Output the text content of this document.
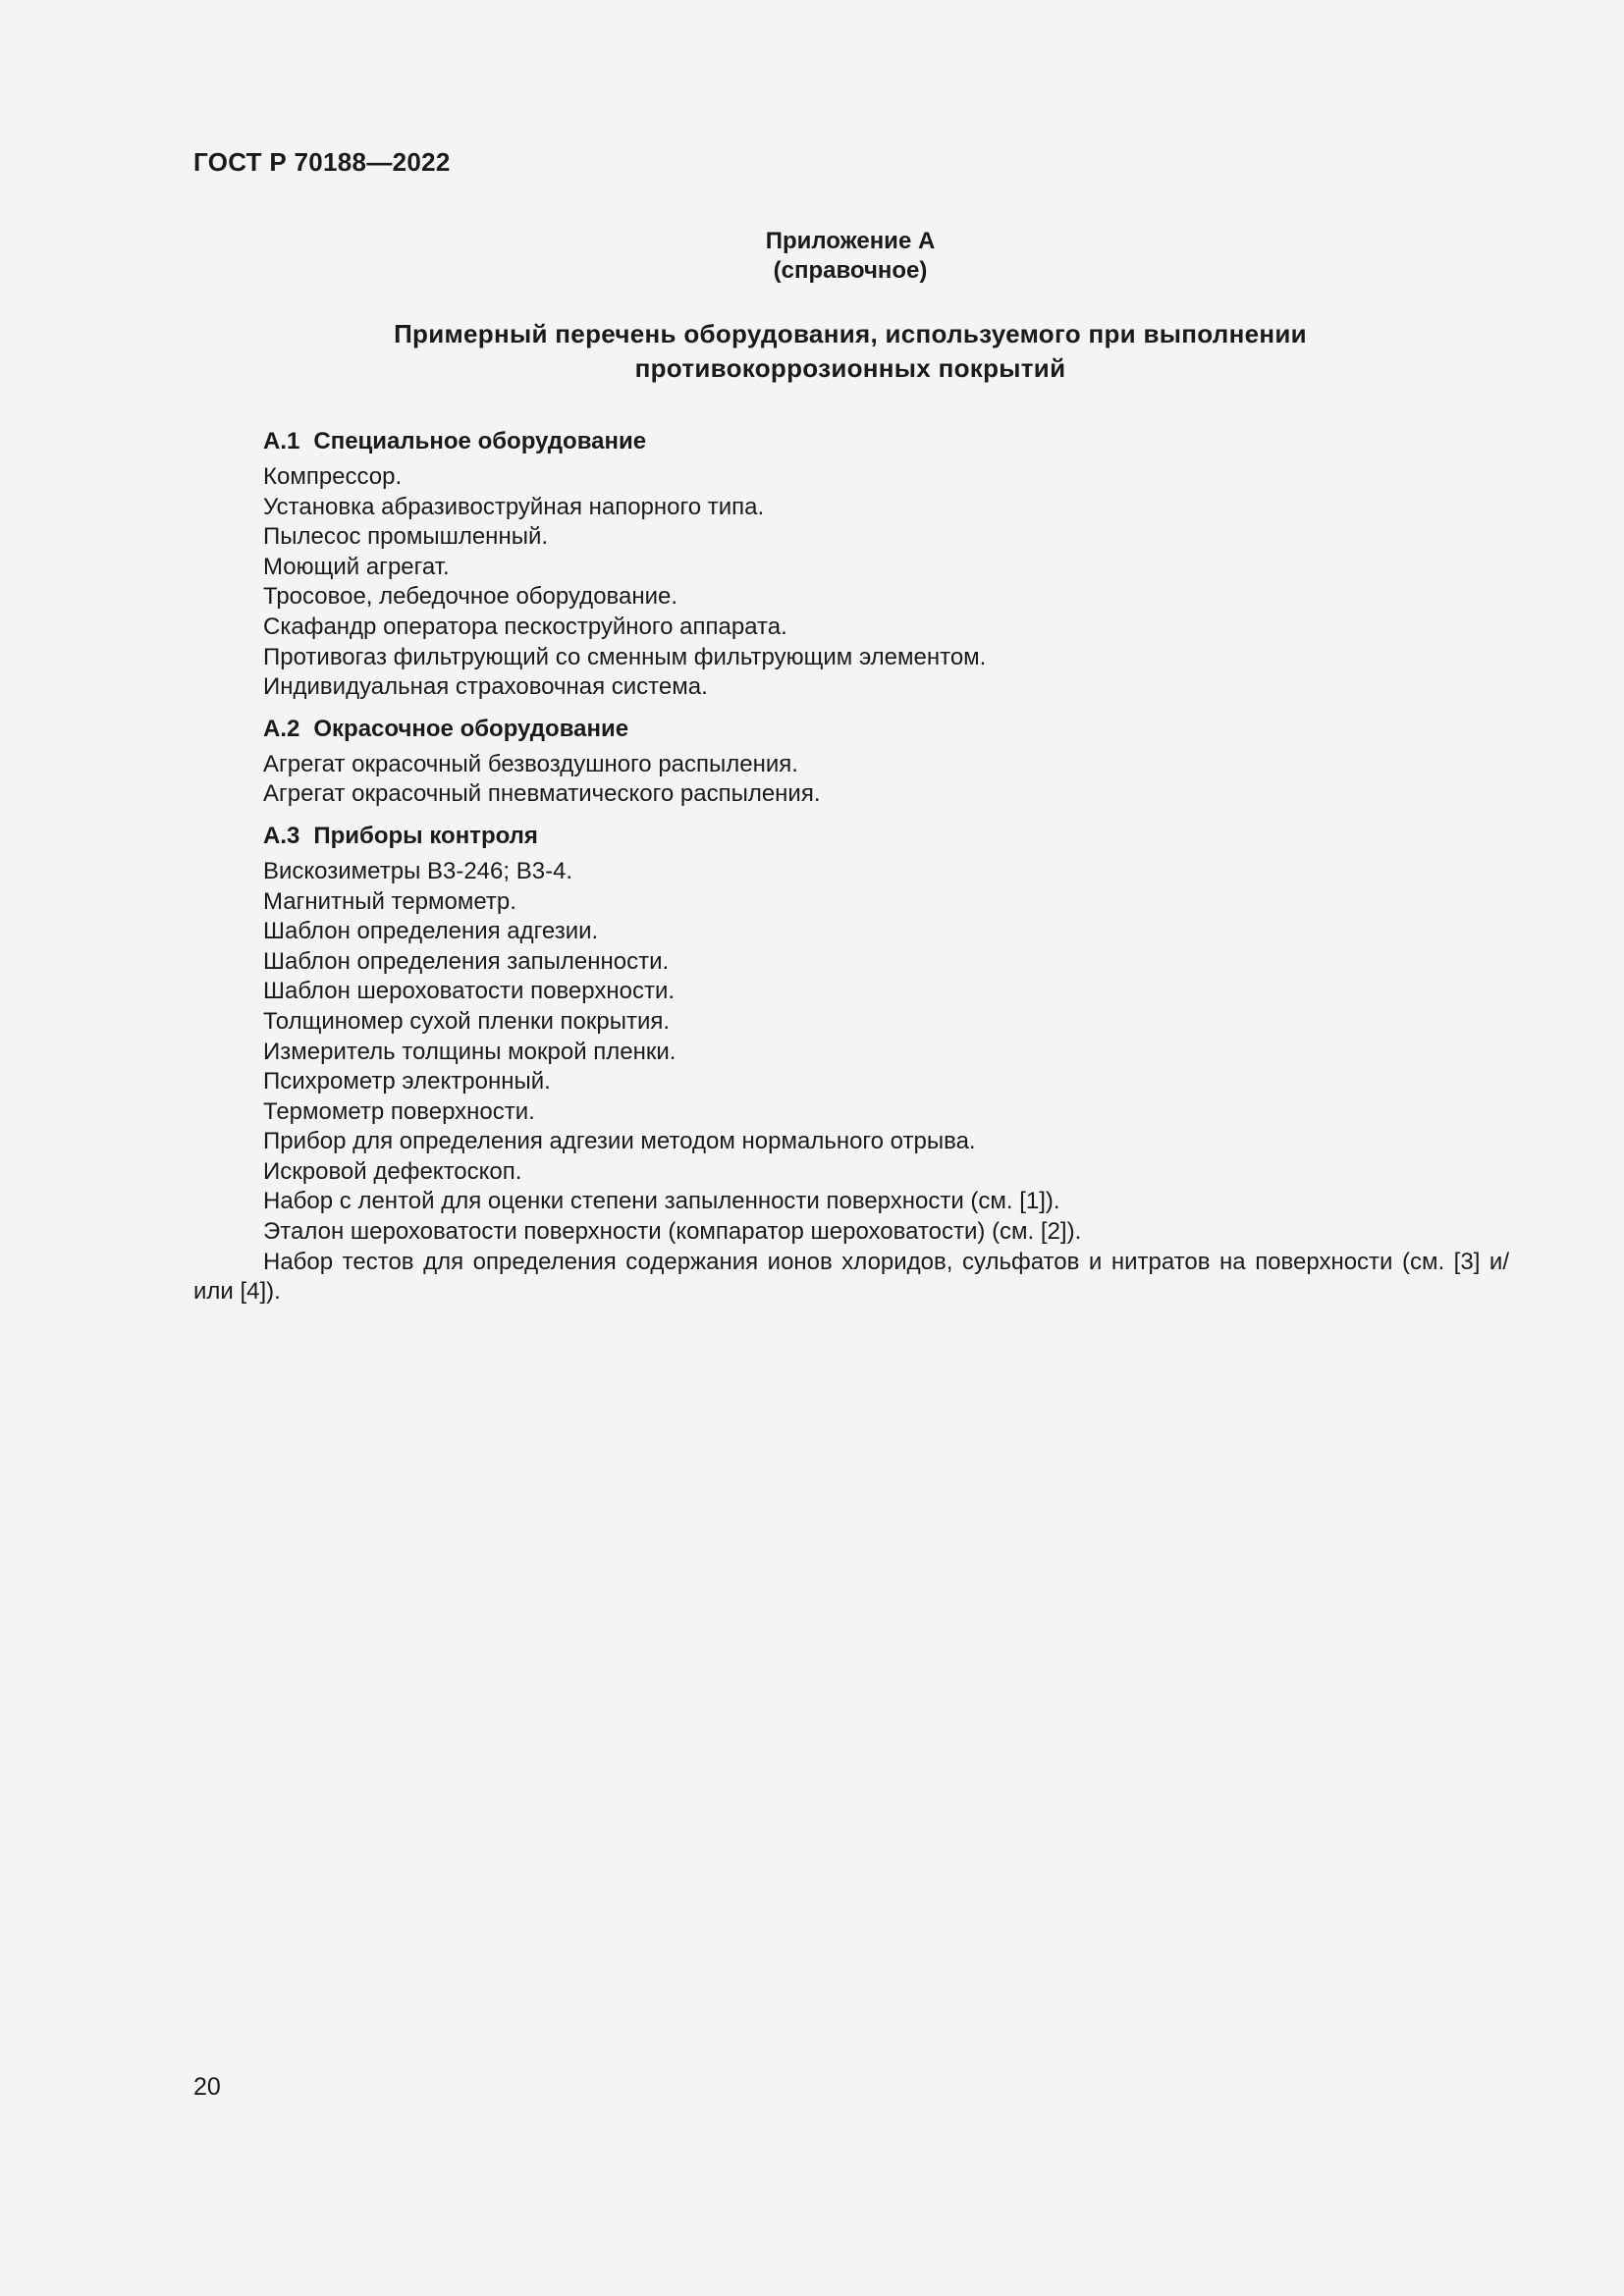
ГОСТ Р 70188—2022
Приложение А
(справочное)
Примерный перечень оборудования, используемого при выполнении
противокоррозионных покрытий
А.1 Специальное оборудование
Компрессор.
Установка абразивоструйная напорного типа.
Пылесос промышленный.
Моющий агрегат.
Тросовое, лебедочное оборудование.
Скафандр оператора пескоструйного аппарата.
Противогаз фильтрующий со сменным фильтрующим элементом.
Индивидуальная страховочная система.
А.2 Окрасочное оборудование
Агрегат окрасочный безвоздушного распыления.
Агрегат окрасочный пневматического распыления.
А.3 Приборы контроля
Вискозиметры В3-246; В3-4.
Магнитный термометр.
Шаблон определения адгезии.
Шаблон определения запыленности.
Шаблон шероховатости поверхности.
Толщиномер сухой пленки покрытия.
Измеритель толщины мокрой пленки.
Психрометр электронный.
Термометр поверхности.
Прибор для определения адгезии методом нормального отрыва.
Искровой дефектоскоп.
Набор с лентой для оценки степени запыленности поверхности (см. [1]).
Эталон шероховатости поверхности (компаратор шероховатости) (см. [2]).
Набор тестов для определения содержания ионов хлоридов, сульфатов и нитратов на поверхности (см. [3] и/или [4]).
20
